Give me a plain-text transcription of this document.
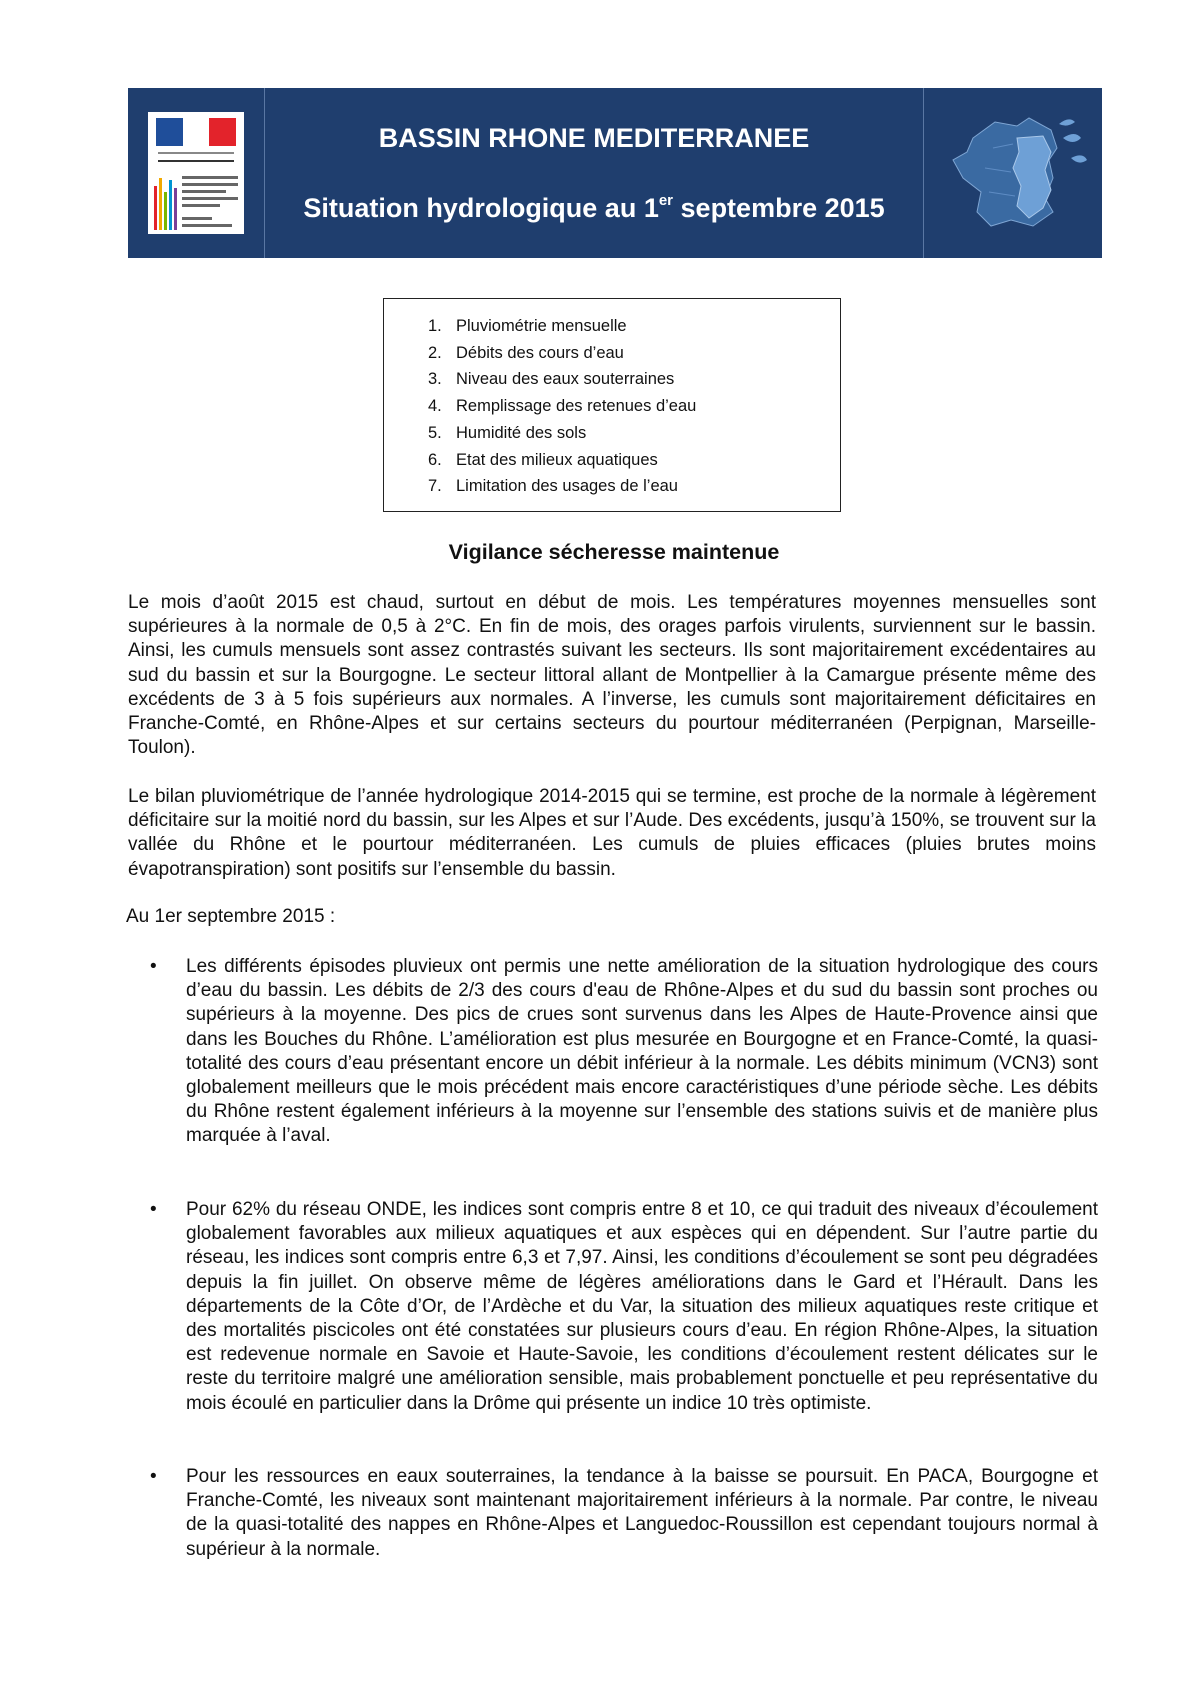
BASSIN RHONE MEDITERRANEE
Situation hydrologique au 1er septembre 2015
1. Pluviométrie mensuelle
2. Débits des cours d’eau
3. Niveau des eaux souterraines
4. Remplissage des retenues d’eau
5. Humidité des sols
6. Etat des milieux aquatiques
7. Limitation des usages de l’eau
Vigilance sécheresse maintenue

Le mois d’août 2015 est chaud, surtout en début de mois. Les températures moyennes mensuelles sont supérieures à la normale de 0,5 à 2°C. En fin de mois, des orages parfois virulents, surviennent sur le bassin. Ainsi, les cumuls mensuels sont assez contrastés suivant les secteurs. Ils sont majoritairement excédentaires au sud du bassin et sur la Bourgogne. Le secteur littoral allant de Montpellier à la Camargue présente même des excédents de 3 à 5 fois supérieurs aux normales. A l’inverse, les cumuls sont majoritairement déficitaires en Franche-Comté, en Rhône-Alpes et sur certains secteurs du pourtour méditerranéen (Perpignan, Marseille-Toulon).

Le bilan pluviométrique de l’année hydrologique 2014-2015 qui se termine, est proche de la normale à légèrement déficitaire sur la moitié nord du bassin, sur les Alpes et sur l’Aude. Des excédents, jusqu’à 150%, se trouvent sur la vallée du Rhône et le pourtour méditerranéen. Les cumuls de pluies efficaces (pluies brutes moins évapotranspiration) sont positifs sur l’ensemble du bassin.

Au 1er septembre 2015 :
• Les différents épisodes pluvieux ont permis une nette amélioration de la situation hydrologique des cours d’eau du bassin. Les débits de 2/3 des cours d'eau de Rhône-Alpes et du sud du bassin sont proches ou supérieurs à la moyenne. Des pics de crues sont survenus dans les Alpes de Haute-Provence ainsi que dans les Bouches du Rhône. L’amélioration est plus mesurée en Bourgogne et en France-Comté, la quasi-totalité des cours d’eau présentant encore un débit inférieur à la normale. Les débits minimum (VCN3) sont globalement meilleurs que le mois précédent mais encore caractéristiques d’une période sèche. Les débits du Rhône restent également inférieurs à la moyenne sur l’ensemble des stations suivis et de manière plus marquée à l’aval.

• Pour 62% du réseau ONDE, les indices sont compris entre 8 et 10, ce qui traduit des niveaux d’écoulement globalement favorables aux milieux aquatiques et aux espèces qui en dépendent. Sur l’autre partie du réseau, les indices sont compris entre 6,3 et 7,97. Ainsi, les conditions d’écoulement se sont peu dégradées depuis la fin juillet. On observe même de légères améliorations dans le Gard et l’Hérault. Dans les départements de la Côte d’Or, de l’Ardèche et du Var, la situation des milieux aquatiques reste critique et des mortalités piscicoles ont été constatées sur plusieurs cours d’eau. En région Rhône-Alpes, la situation est redevenue normale en Savoie et Haute-Savoie, les conditions d’écoulement restent délicates sur le reste du territoire malgré une amélioration sensible, mais probablement ponctuelle et peu représentative du mois écoulé en particulier dans la Drôme qui présente un indice 10 très optimiste.

• Pour les ressources en eaux souterraines, la tendance à la baisse se poursuit. En PACA, Bourgogne et Franche-Comté, les niveaux sont maintenant majoritairement inférieurs à la normale. Par contre, le niveau de la quasi-totalité des nappes en Rhône-Alpes et Languedoc-Roussillon est cependant toujours normal à supérieur à la normale.
